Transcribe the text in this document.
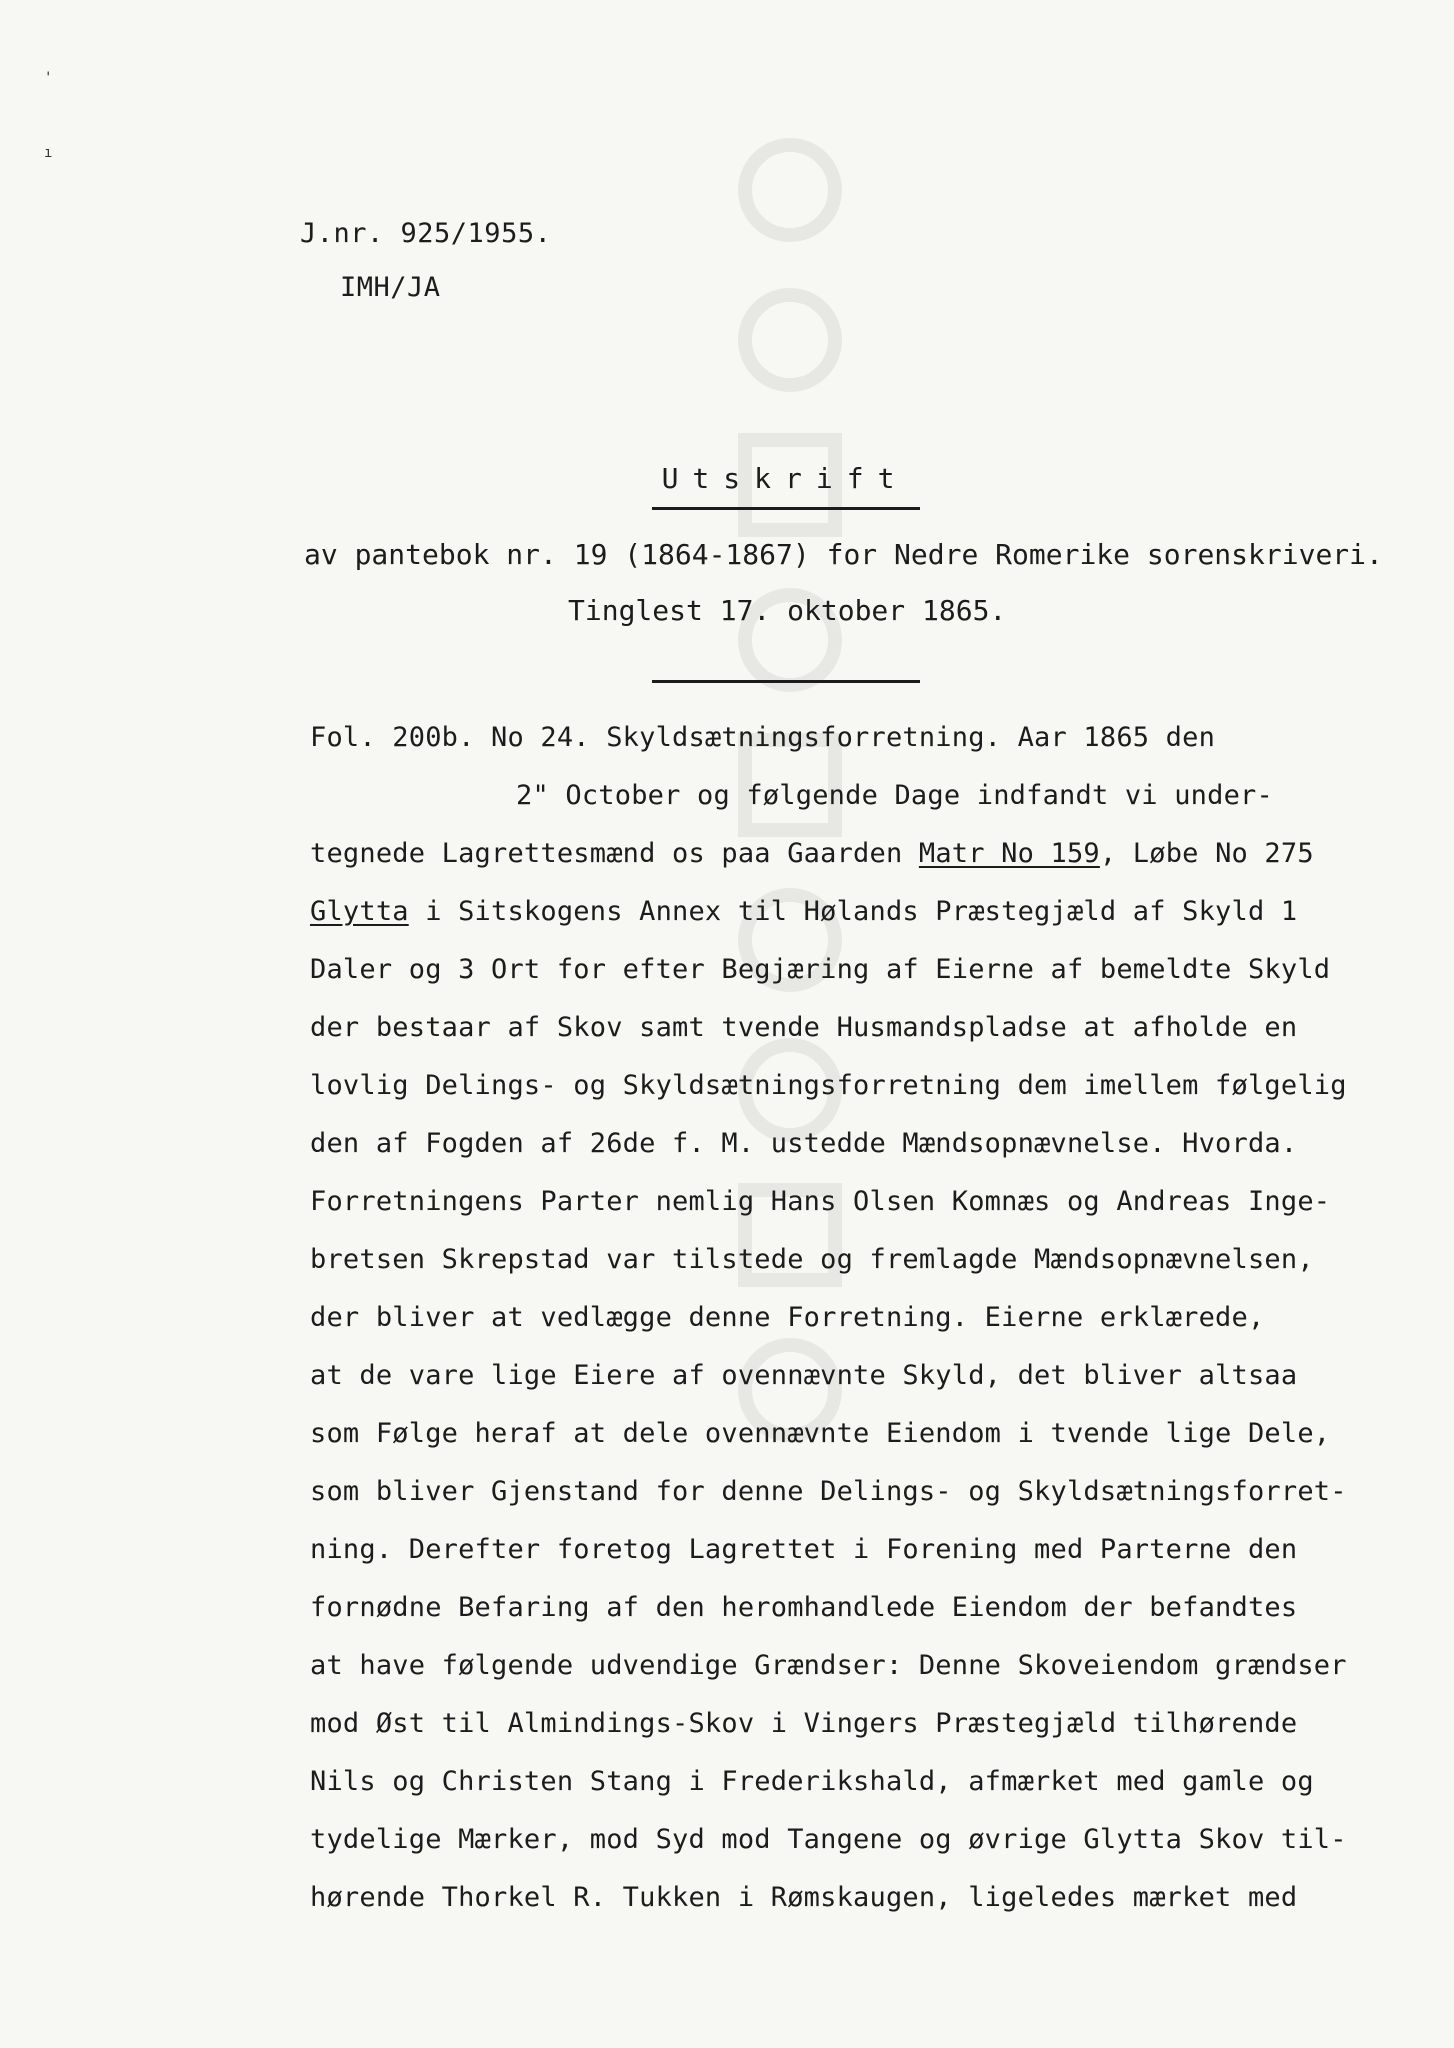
'
ı
J.nr. 925/1955.
IMH/JA
Utskrift
av pantebok nr. 19 (1864-1867) for Nedre Romerike sorenskriveri.
Tinglest 17. oktober 1865.
Fol. 200b. No 24. Skyldsætningsforretning. Aar 1865 den
2" October og følgende Dage indfandt vi under-
tegnede Lagrettesmænd os paa Gaarden Matr No 159, Løbe No 275
Glytta i Sitskogens Annex til Hølands Præstegjæld af Skyld 1
Daler og 3 Ort for efter Begjæring af Eierne af bemeldte Skyld
der bestaar af Skov samt tvende Husmandspladse at afholde en
lovlig Delings- og Skyldsætningsforretning dem imellem følgelig
den af Fogden af 26de f. M. ustedde Mændsopnævnelse. Hvorda.
Forretningens Parter nemlig Hans Olsen Komnæs og Andreas Inge-
bretsen Skrepstad var tilstede og fremlagde Mændsopnævnelsen,
der bliver at vedlægge denne Forretning. Eierne erklærede,
at de vare lige Eiere af ovennævnte Skyld, det bliver altsaa
som Følge heraf at dele ovennævnte Eiendom i tvende lige Dele,
som bliver Gjenstand for denne Delings- og Skyldsætningsforret-
ning. Derefter foretog Lagrettet i Forening med Parterne den
fornødne Befaring af den heromhandlede Eiendom der befandtes
at have følgende udvendige Grændser: Denne Skoveiendom grændser
mod Øst til Almindings-Skov i Vingers Præstegjæld tilhørende
Nils og Christen Stang i Frederikshald, afmærket med gamle og
tydelige Mærker, mod Syd mod Tangene og øvrige Glytta Skov til-
hørende Thorkel R. Tukken i Rømskaugen, ligeledes mærket med
